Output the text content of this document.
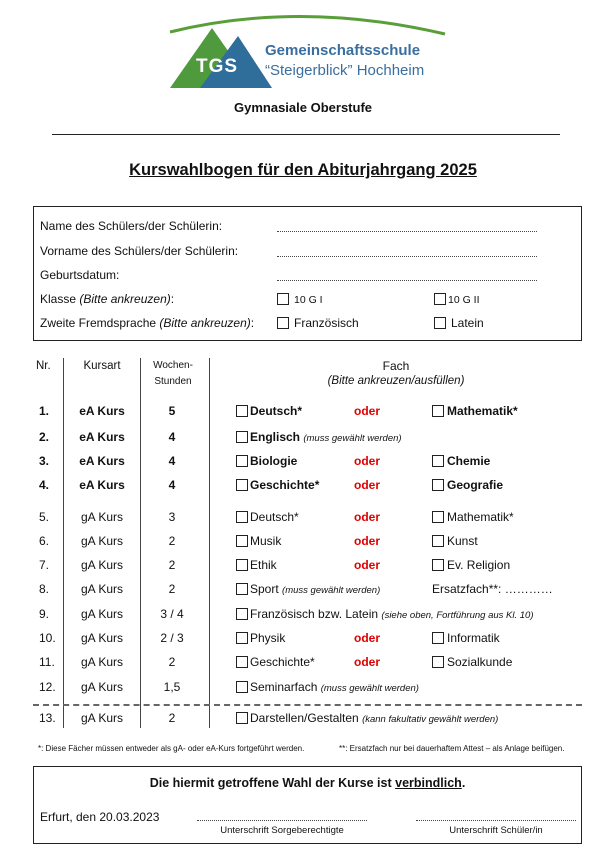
TGS
Gemeinschaftsschule
“Steigerblick” Hochheim
Gymnasiale Oberstufe
Kurswahlbogen für den Abiturjahrgang 2025
Name des Schülers/der Schülerin:
Vorname des Schülers/der Schülerin:
Geburtsdatum:
Klasse (Bitte ankreuzen):	10 G I	10 G II
Zweite Fremdsprache (Bitte ankreuzen):	Französisch	Latein
Nr.	Kursart	Wochen-
Stunden
Fach
(Bitte ankreuzen/ausfüllen)
1.	eA Kurs	5	Deutsch*	oder	Mathematik*
2.	eA Kurs	4	Englisch (muss gewählt werden)
3.	eA Kurs	4	Biologie	oder	Chemie
4.	eA Kurs	4	Geschichte*	oder	Geografie
5.	gA Kurs	3	Deutsch*	oder	Mathematik*
6.	gA Kurs	2	Musik	oder	Kunst
7.	gA Kurs	2	Ethik	oder	Ev. Religion
8.	gA Kurs	2	Sport (muss gewählt werden)	Ersatzfach**: …………
9.	gA Kurs	3 / 4	Französisch bzw. Latein (siehe oben, Fortführung aus Kl. 10)
10.	gA Kurs	2 / 3	Physik	oder	Informatik
11.	gA Kurs	2	Geschichte*	oder	Sozialkunde
12.	gA Kurs	1,5	Seminarfach (muss gewählt werden)
13.	gA Kurs	2	Darstellen/Gestalten (kann fakultativ gewählt werden)
*: Diese Fächer müssen entweder als gA- oder eA-Kurs fortgeführt werden.	**: Ersatzfach nur bei dauerhaftem Attest – als Anlage beifügen.
Die hiermit getroffene Wahl der Kurse ist verbindlich.
Erfurt, den 20.03.2023
Unterschrift Sorgeberechtigte	Unterschrift Schüler/in
